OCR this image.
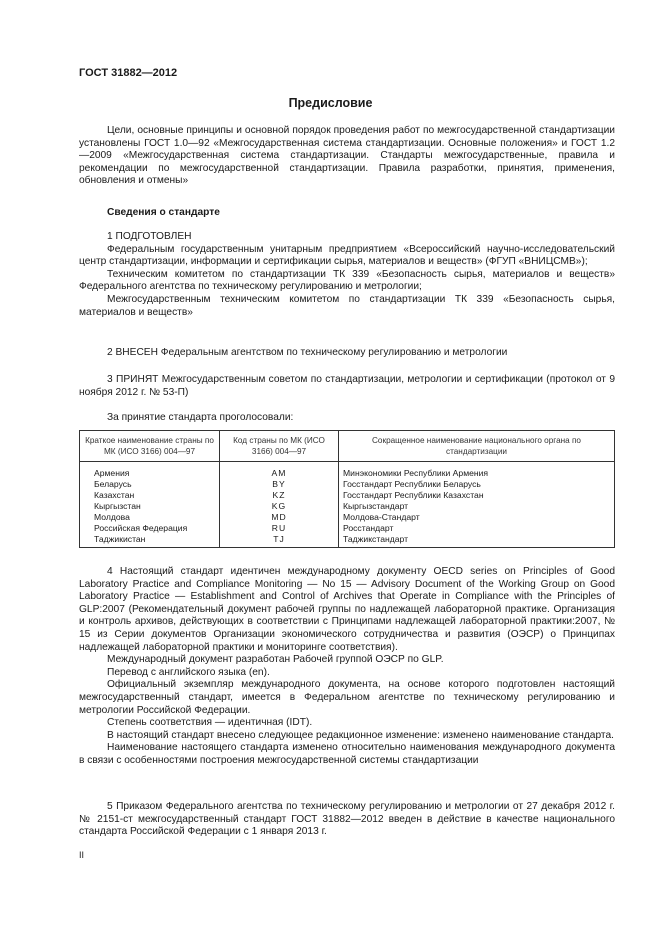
ГОСТ 31882—2012
Предисловие

Цели, основные принципы и основной порядок проведения работ по межгосударственной стандартизации установлены ГОСТ 1.0—92 «Межгосударственная система стандартизации. Основные положения» и ГОСТ 1.2—2009 «Межгосударственная система стандартизации. Стандарты межгосударственные, правила и рекомендации по межгосударственной стандартизации. Правила разработки, принятия, применения, обновления и отмены»

Сведения о стандарте

1 ПОДГОТОВЛЕН

Федеральным государственным унитарным предприятием «Всероссийский научно-исследовательский центр стандартизации, информации и сертификации сырья, материалов и веществ» (ФГУП «ВНИЦСМВ»);

Техническим комитетом по стандартизации ТК 339 «Безопасность сырья, материалов и веществ» Федерального агентства по техническому регулированию и метрологии;

Межгосударственным техническим комитетом по стандартизации ТК 339 «Безопасность сырья, материалов и веществ»

2 ВНЕСЕН Федеральным агентством по техническому регулированию и метрологии

3 ПРИНЯТ Межгосударственным советом по стандартизации, метрологии и сертификации (протокол от 9 ноября 2012 г. № 53-П)

За принятие стандарта проголосовали:

Краткое наименование страны по МК (ИСО 3166) 004—97	Код страны по МК (ИСО 3166) 004—97	Сокращенное наименование национального органа по стандартизации
Армения	AM	Минэкономики Республики Армения
Беларусь	BY	Госстандарт Республики Беларусь
Казахстан	KZ	Госстандарт Республики Казахстан
Кыргызстан	KG	Кыргызстандарт
Молдова	MD	Молдова-Стандарт
Российская Федерация	RU	Росстандарт
Таджикистан	TJ	Таджикстандарт

4 Настоящий стандарт идентичен международному документу OECD series on Principles of Good Laboratory Practice and Compliance Monitoring — No 15 — Advisory Document of the Working Group on Good Laboratory Practice — Establishment and Control of Archives that Operate in Compliance with the Principles of GLP:2007 (Рекомендательный документ рабочей группы по надлежащей лабораторной практике. Организация и контроль архивов, действующих в соответствии с Принципами надлежащей лабораторной практики:2007, № 15 из Серии документов Организации экономического сотрудничества и развития (ОЭСР) о Принципах надлежащей лабораторной практики и мониторинге соответствия).

Международный документ разработан Рабочей группой ОЭСР по GLP.

Перевод с английского языка (en).

Официальный экземпляр международного документа, на основе которого подготовлен настоящий межгосударственный стандарт, имеется в Федеральном агентстве по техническому регулированию и метрологии Российской Федерации.

Степень соответствия — идентичная (IDT).

В настоящий стандарт внесено следующее редакционное изменение: изменено наименование стандарта.

Наименование настоящего стандарта изменено относительно наименования международного документа в связи с особенностями построения межгосударственной системы стандартизации

5 Приказом Федерального агентства по техническому регулированию и метрологии от 27 декабря 2012 г. № 2151-ст межгосударственный стандарт ГОСТ 31882—2012 введен в действие в качестве национального стандарта Российской Федерации с 1 января 2013 г.

II
